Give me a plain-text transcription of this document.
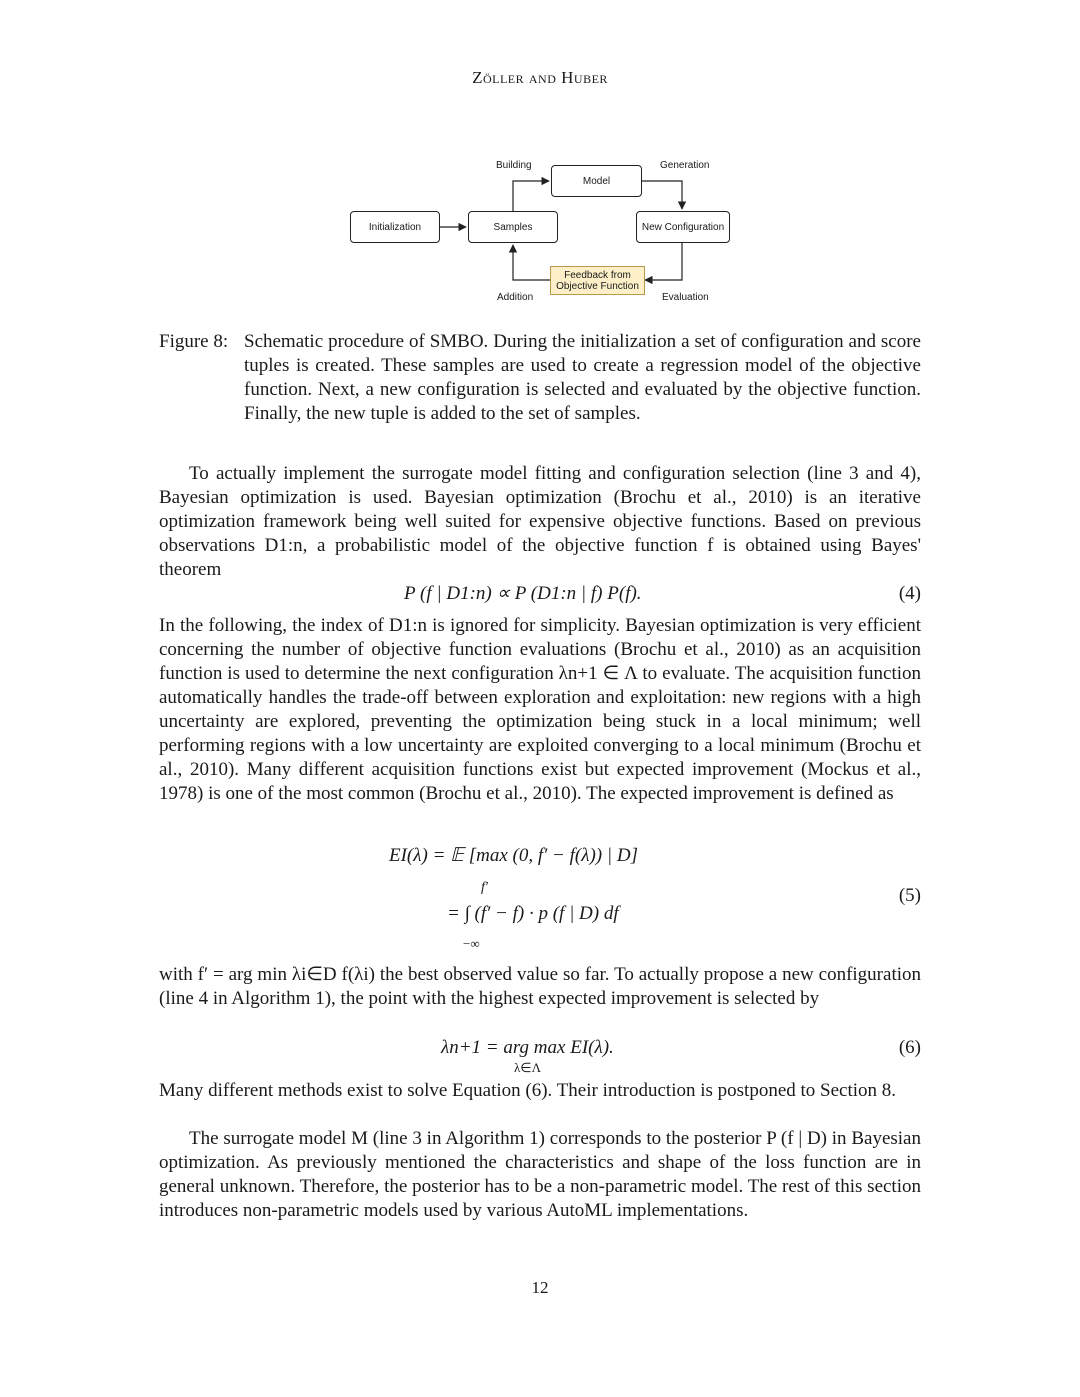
Zöller and Huber
Initialization	Samples
Model
New Configuration
Feedback from Objective Function
Building	Generation
Addition	Evaluation
Figure 8: Schematic procedure of SMBO. During the initialization a set of configuration and score tuples is created. These samples are used to create a regression model of the objective function. Next, a new configuration is selected and evaluated by the objective function. Finally, the new tuple is added to the set of samples.

To actually implement the surrogate model fitting and configuration selection (line 3 and 4), Bayesian optimization is used. Bayesian optimization (Brochu et al., 2010) is an iterative optimization framework being well suited for expensive objective functions. Based on previous observations D1:n, a probabilistic model of the objective function f is obtained using Bayes' theorem

P (f | D1:n) ∝ P (D1:n | f) P(f).	(4)

In the following, the index of D1:n is ignored for simplicity. Bayesian optimization is very efficient concerning the number of objective function evaluations (Brochu et al., 2010) as an acquisition function is used to determine the next configuration λn+1 ∈ Λ to evaluate. The acquisition function automatically handles the trade-off between exploration and exploitation: new regions with a high uncertainty are explored, preventing the optimization being stuck in a local minimum; well performing regions with a low uncertainty are exploited converging to a local minimum (Brochu et al., 2010). Many different acquisition functions exist but expected improvement (Mockus et al., 1978) is one of the most common (Brochu et al., 2010). The expected improvement is defined as

EI(λ) = 𝔼 [max (0, f′ − f(λ)) | D]
f′
= ∫ (f′ − f) · p (f | D) df
−∞
(5)

with f′ = arg min λi∈D f(λi) the best observed value so far. To actually propose a new configuration (line 4 in Algorithm 1), the point with the highest expected improvement is selected by

λn+1 = arg max EI(λ).
λ∈Λ
(6)

Many different methods exist to solve Equation (6). Their introduction is postponed to Section 8.

The surrogate model M (line 3 in Algorithm 1) corresponds to the posterior P (f | D) in Bayesian optimization. As previously mentioned the characteristics and shape of the loss function are in general unknown. Therefore, the posterior has to be a non-parametric model. The rest of this section introduces non-parametric models used by various AutoML implementations.

12
